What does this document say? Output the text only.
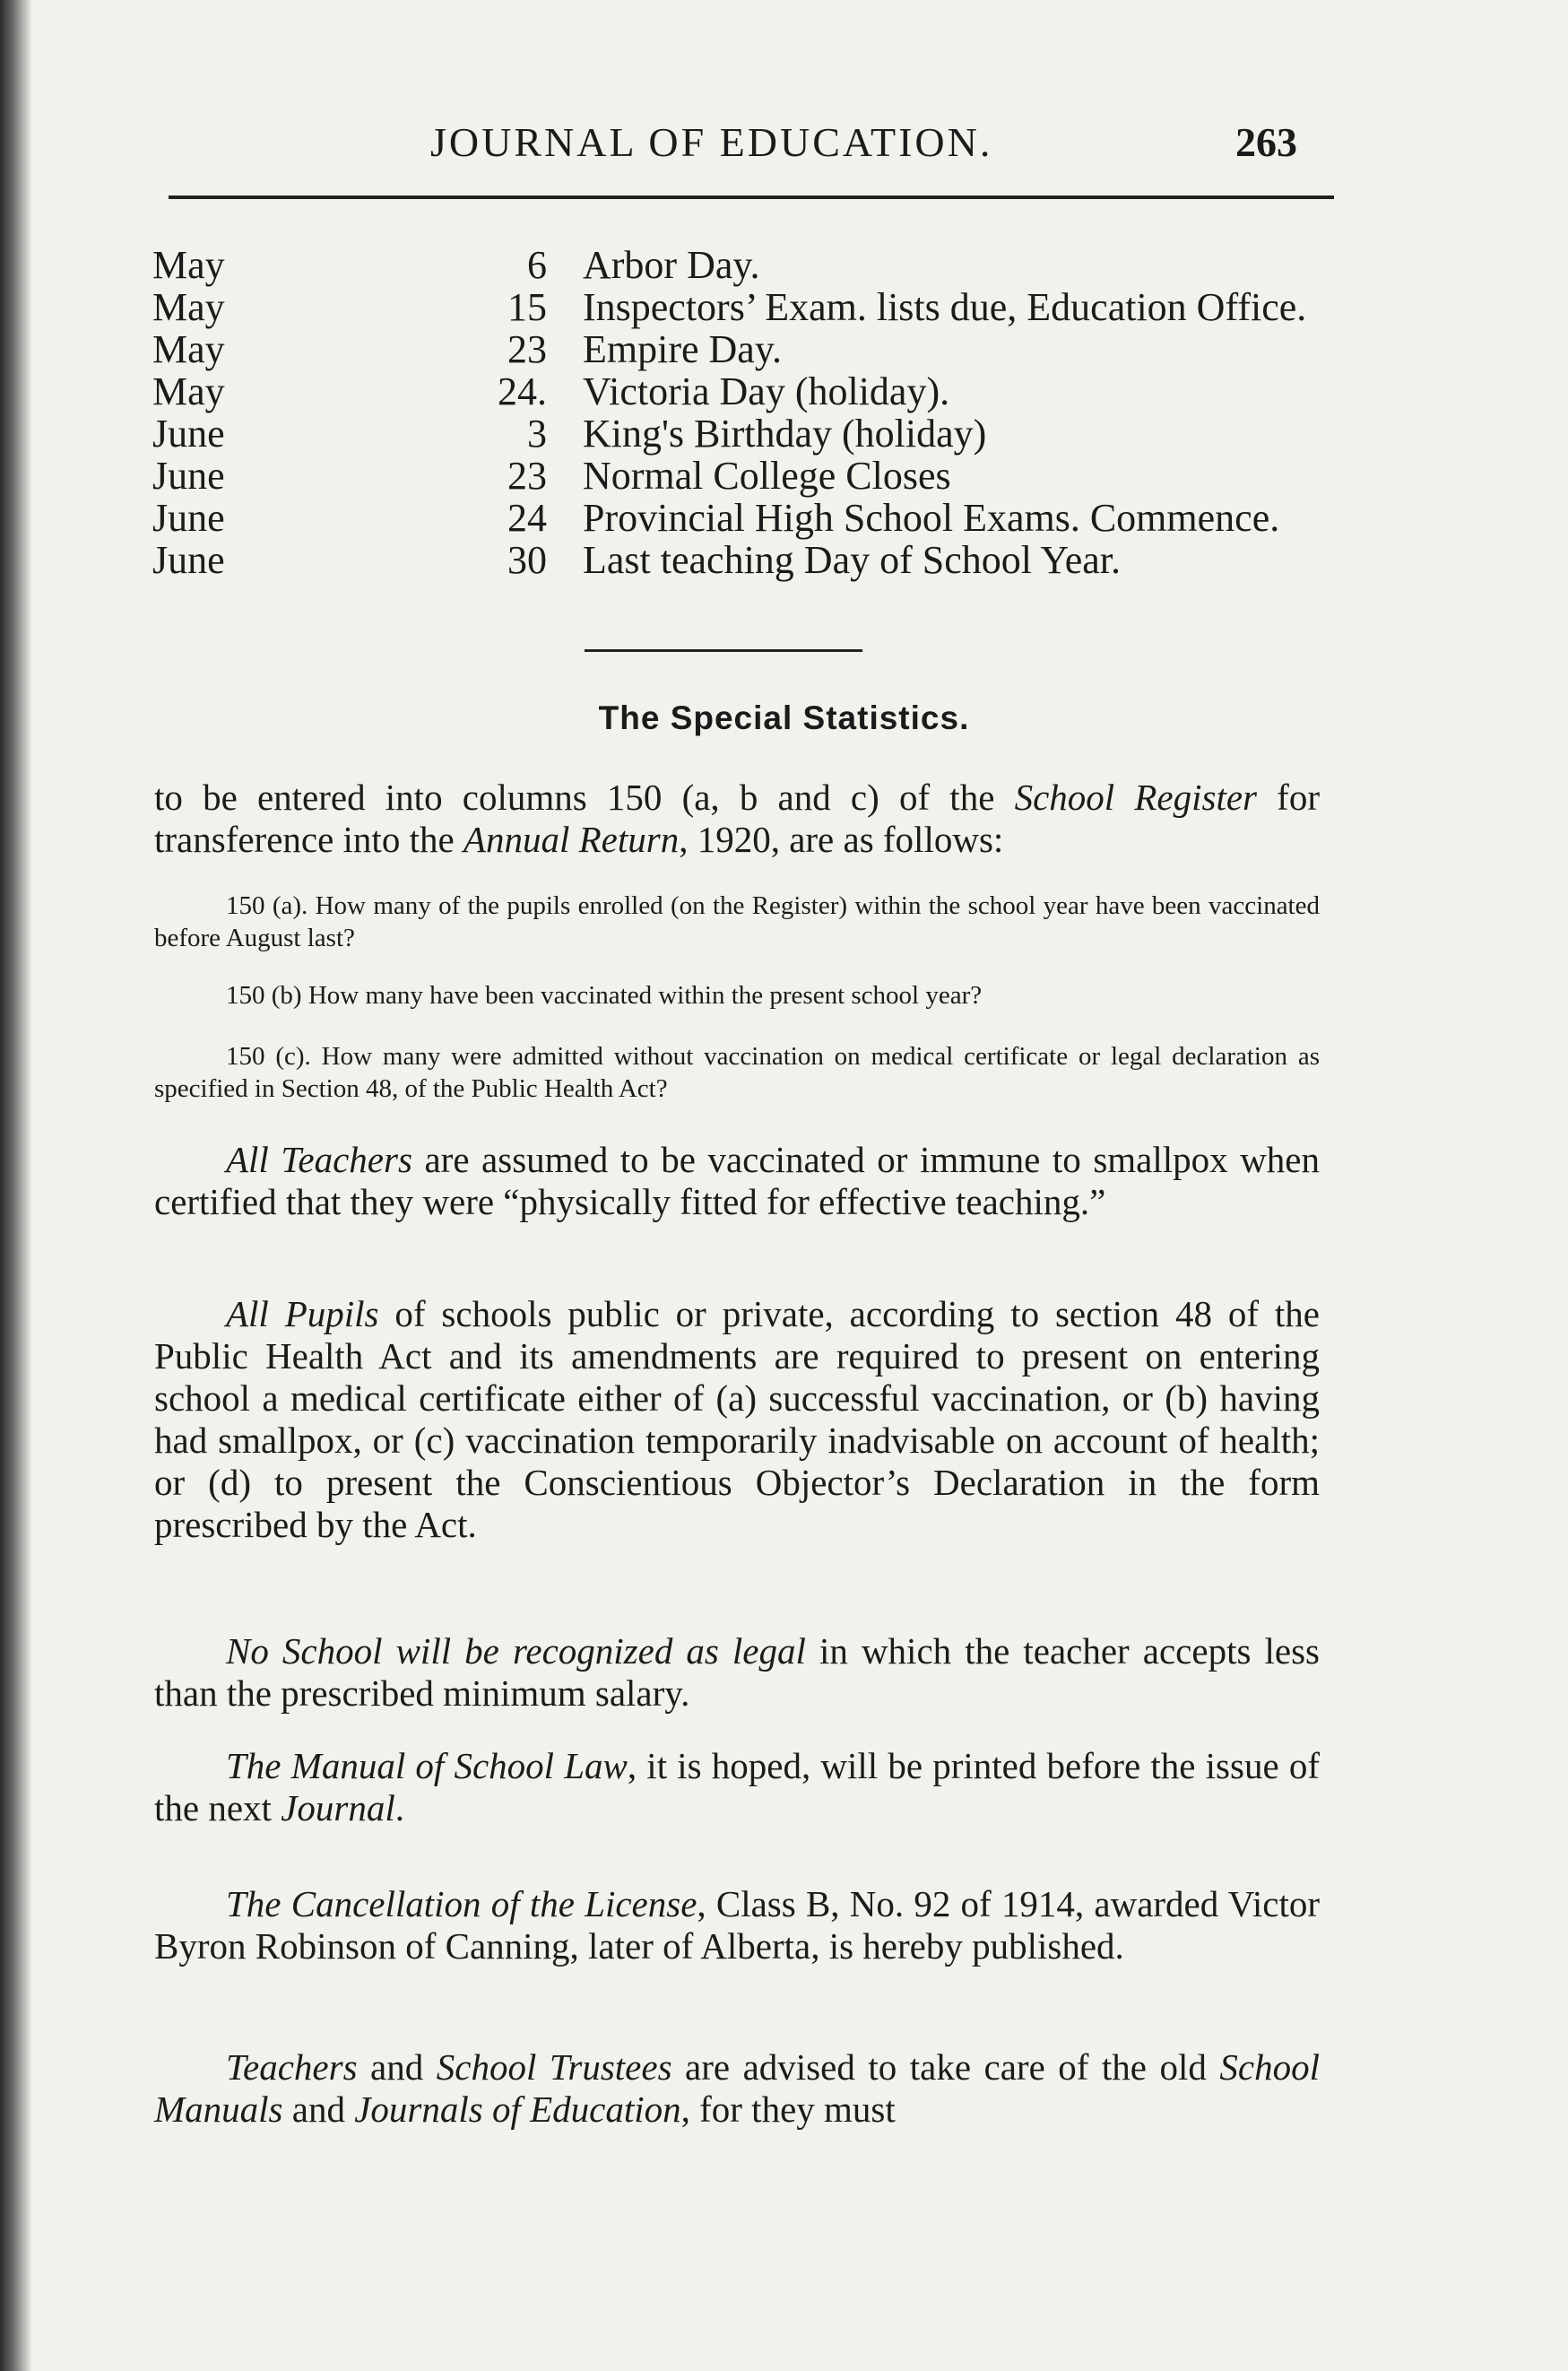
JOURNAL OF EDUCATION.	263
May	6 Arbor Day.
May	15 Inspectors’ Exam. lists due, Education Office.
May	23 Empire Day.
May	24. Victoria Day (holiday).
June	3 King's Birthday (holiday)
June	23 Normal College Closes
June	24 Provincial High School Exams. Commence.
June	30 Last teaching Day of School Year.
The Special Statistics.
to be entered into columns 150 (a, b and c) of the School Register for transference into the Annual Return, 1920, are as follows:
150 (a). How many of the pupils enrolled (on the Register) within the school year have been vaccinated before August last?
150 (b) How many have been vaccinated within the present school year?
150 (c). How many were admitted without vaccination on medical certificate or legal declaration as specified in Section 48, of the Public Health Act?
All Teachers are assumed to be vaccinated or immune to smallpox when certified that they were “physically fitted for effective teaching.”
All Pupils of schools public or private, according to section 48 of the Public Health Act and its amendments are required to present on entering school a medical certificate either of (a) successful vaccination, or (b) having had smallpox, or (c) vaccination temporarily inadvisable on account of health; or (d) to present the Conscientious Objector’s Declaration in the form prescribed by the Act.
No School will be recognized as legal in which the teacher accepts less than the prescribed minimum salary.
The Manual of School Law, it is hoped, will be printed before the issue of the next Journal.
The Cancellation of the License, Class B, No. 92 of 1914, awarded Victor Byron Robinson of Canning, later of Alberta, is hereby published.
Teachers and School Trustees are advised to take care of the old School Manuals and Journals of Education, for they must
